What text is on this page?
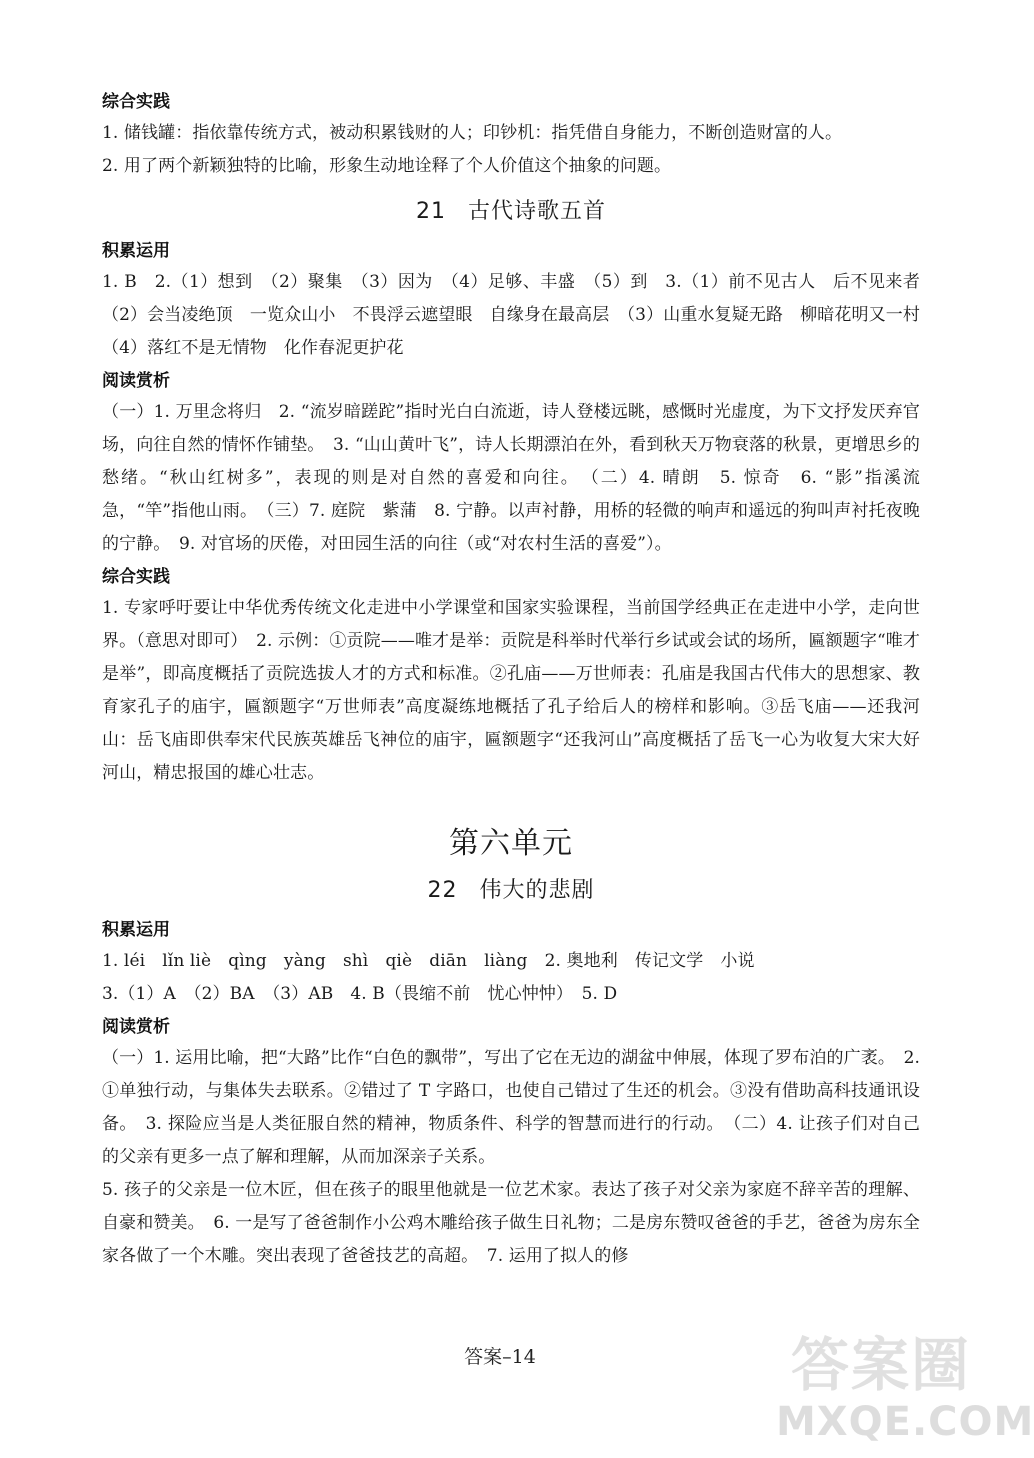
综合实践

1. 储钱罐：指依靠传统方式，被动积累钱财的人；印钞机：指凭借自身能力，不断创造财富的人。

2. 用了两个新颖独特的比喻，形象生动地诠释了个人价值这个抽象的问题。

21 古代诗歌五首
积累运用

1. B　2.（1）想到　（2）聚集　（3）因为　（4）足够、丰盛　（5）到　3.（1）前不见古人　后不见来者　（2）会当凌绝顶　一览众山小　不畏浮云遮望眼　自缘身在最高层　（3）山重水复疑无路　柳暗花明又一村　（4）落红不是无情物　化作春泥更护花

阅读赏析

（一）1. 万里念将归　2. “流岁暗蹉跎”指时光白白流逝，诗人登楼远眺，感慨时光虚度，为下文抒发厌弃官场，向往自然的情怀作铺垫。　3. “山山黄叶飞”，诗人长期漂泊在外，看到秋天万物衰落的秋景，更增思乡的愁绪。“秋山红树多”，表现的则是对自然的喜爱和向往。　（二）4. 晴朗　5. 惊奇　6. “影”指溪流急，“竿”指他山雨。　（三）7. 庭院　紫蒲　8. 宁静。以声衬静，用桥的轻微的响声和遥远的狗叫声衬托夜晚的宁静。　9. 对官场的厌倦，对田园生活的向往（或“对农村生活的喜爱”）。

综合实践

1. 专家呼吁要让中华优秀传统文化走进中小学课堂和国家实验课程，当前国学经典正在走进中小学，走向世界。（意思对即可）　2. 示例：①贡院——唯才是举：贡院是科举时代举行乡试或会试的场所，匾额题字“唯才是举”，即高度概括了贡院选拔人才的方式和标准。②孔庙——万世师表：孔庙是我国古代伟大的思想家、教育家孔子的庙宇，匾额题字“万世师表”高度凝练地概括了孔子给后人的榜样和影响。③岳飞庙——还我河山：岳飞庙即供奉宋代民族英雄岳飞神位的庙宇，匾额题字“还我河山”高度概括了岳飞一心为收复大宋大好河山，精忠报国的雄心壮志。

第六单元
22 伟大的悲剧
积累运用

1. léi　lǐn liè　qìng　yàng　shì　qiè　diān　liàng　2. 奥地利　传记文学　小说

3.（1）A　（2）BA　（3）AB　4. B（畏缩不前　忧心忡忡）　5. D

阅读赏析

（一）1. 运用比喻，把“大路”比作“白色的飘带”，写出了它在无边的湖盆中伸展，体现了罗布泊的广袤。　2. ①单独行动，与集体失去联系。②错过了 T 字路口，也使自己错过了生还的机会。③没有借助高科技通讯设备。　3. 探险应当是人类征服自然的精神，物质条件、科学的智慧而进行的行动。　（二）4. 让孩子们对自己的父亲有更多一点了解和理解，从而加深亲子关系。

5. 孩子的父亲是一位木匠，但在孩子的眼里他就是一位艺术家。表达了孩子对父亲为家庭不辞辛苦的理解、自豪和赞美。　6. 一是写了爸爸制作小公鸡木雕给孩子做生日礼物；二是房东赞叹爸爸的手艺，爸爸为房东全家各做了一个木雕。突出表现了爸爸技艺的高超。　7. 运用了拟人的修

答案–14	答案圈
MXQE.COM
